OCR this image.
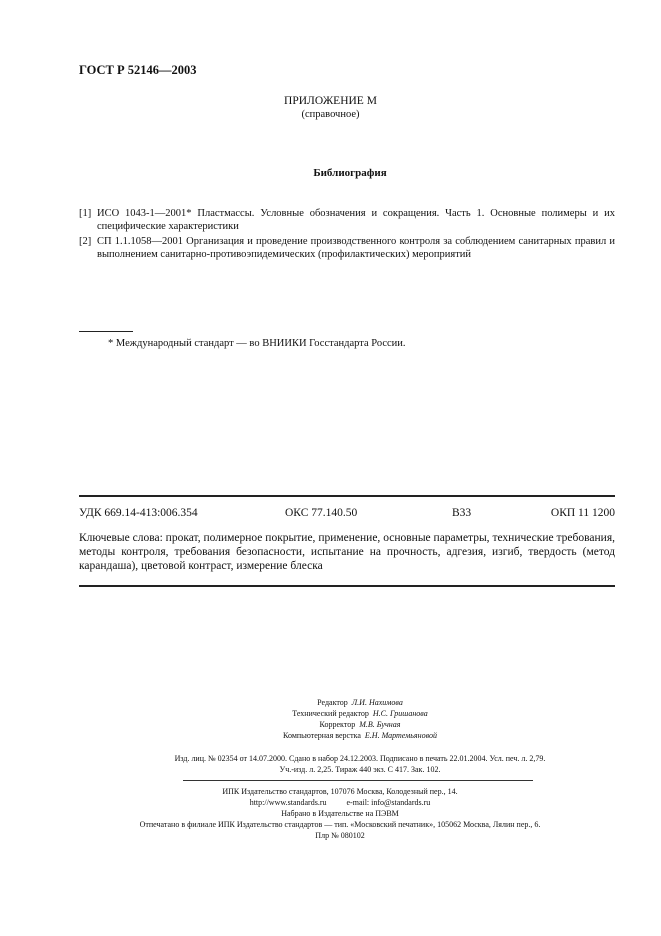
ГОСТ Р 52146—2003
ПРИЛОЖЕНИЕ М
(справочное)
Библиография
[1] ИСО 1043-1—2001* Пластмассы. Условные обозначения и сокращения. Часть 1. Основные полимеры и их специфические характеристики
[2] СП 1.1.1058—2001 Организация и проведение производственного контроля за соблюдением санитарных правил и выполнением санитарно-противоэпидемических (профилактических) мероприятий
* Международный стандарт — во ВНИИКИ Госстандарта России.
УДК 669.14-413:006.354	ОКС 77.140.50	В33	ОКП 11 1200
Ключевые слова: прокат, полимерное покрытие, применение, основные параметры, технические требования, методы контроля, требования безопасности, испытание на прочность, адгезия, изгиб, твердость (метод карандаша), цветовой контраст, измерение блеска
Редактор Л.И. Нахимова
Технический редактор Н.С. Гришанова
Корректор М.В. Бучная
Компьютерная верстка Е.Н. Мартемьяновой
Изд. лиц. № 02354 от 14.07.2000. Сдано в набор 24.12.2003. Подписано в печать 22.01.2004. Усл. печ. л. 2,79.
Уч.-изд. л. 2,25. Тираж 440 экз. С 417. Зак. 102.
ИПК Издательство стандартов, 107076 Москва, Колодезный пер., 14.
http://www.standards.ru	e-mail: info@standards.ru
Набрано в Издательстве на ПЭВМ
Отпечатано в филиале ИПК Издательство стандартов — тип. «Московский печатник», 105062 Москва, Лялин пер., 6.
Плр № 080102
